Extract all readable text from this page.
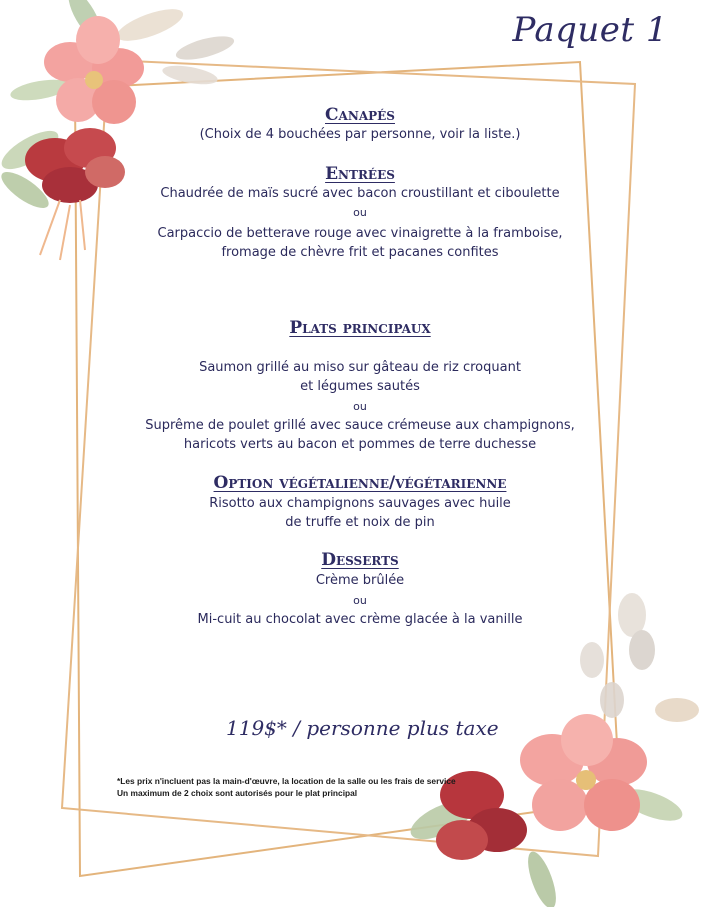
Paquet 1
Canapés
(Choix de 4 bouchées par personne, voir la liste.)
Entrées
Chaudrée de maïs sucré avec bacon croustillant et ciboulette
ou
Carpaccio de betterave rouge avec vinaigrette à la framboise,
fromage de chèvre frit et pacanes confites
Plats principaux
Saumon grillé au miso sur gâteau de riz croquant
et légumes sautés
ou
Suprême de poulet grillé avec sauce crémeuse aux champignons,
haricots verts au bacon et pommes de terre duchesse
Option végétalienne/végétarienne
Risotto aux champignons sauvages avec huile
de truffe et noix de pin
Desserts
Crème brûlée
ou
Mi-cuit au chocolat avec crème glacée à la vanille
119$* / personne plus taxe
*Les prix n'incluent pas la main-d'œuvre, la location de la salle ou les frais de service
Un maximum de 2 choix sont autorisés pour le plat principal
